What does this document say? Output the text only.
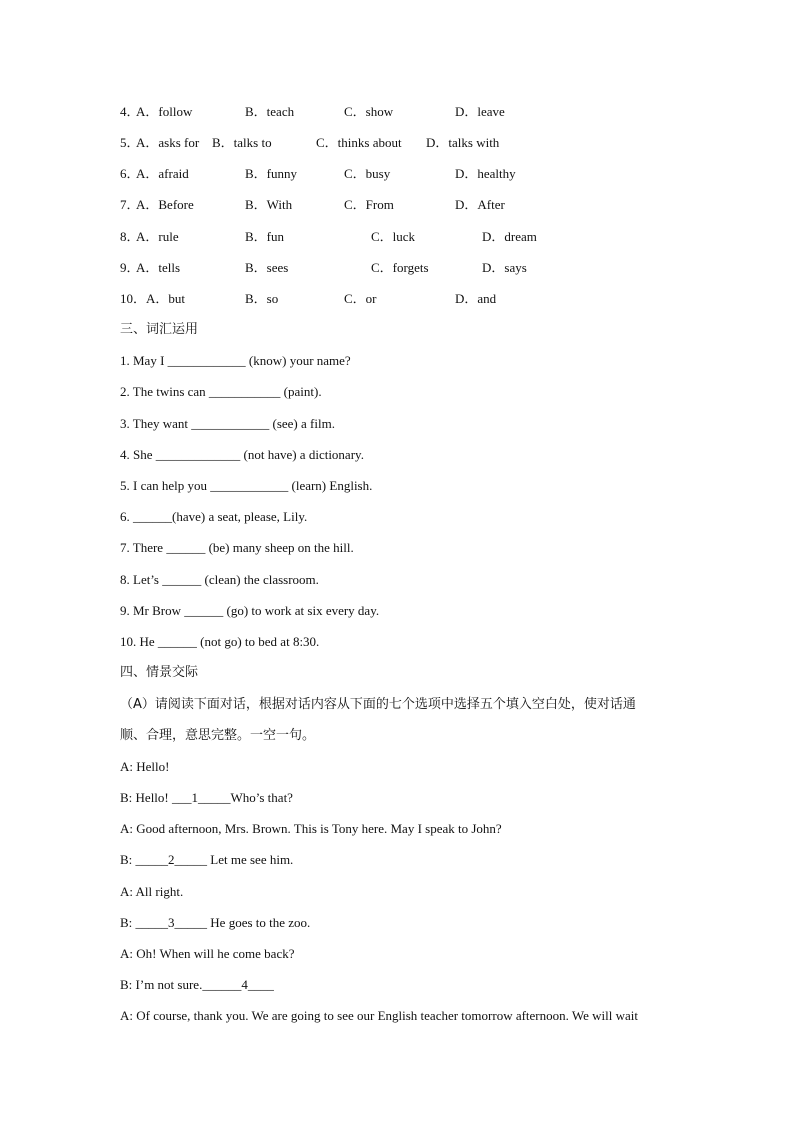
4．
A．follow	B．teach	C．show	D．leave
5．
A．asks for B．talks to	C．thinks about D．talks with
6．
A．afraid	B．funny	C．busy	D．healthy
7．
A．Before	B．With	C．From	D．After
8．
A．rule	B．fun	C．luck	D．dream
9．
A．tells	B．sees	C．forgets	D．says
10． A．but	B．so	C．or	D．and
三、词汇运用
1. May I ____________ (know) your name?
2. The twins can ___________ (paint).
3. They want ____________ (see) a film.
4. She _____________ (not have) a dictionary.
5. I can help you ____________ (learn) English.
6. ______(have) a seat, please, Lily.
7. There ______ (be) many sheep on the hill.
8. Let’s ______ (clean) the classroom.
9. Mr Brow ______ (go) to work at six every day.
10. He ______ (not go) to bed at 8:30.
四、情景交际
（A）请阅读下面对话，根据对话内容从下面的七个选项中选择五个填入空白处，使对话通
顺、合理，意思完整。一空一句。
A: Hello!
B: Hello! ___1_____Who’s that?
A: Good afternoon, Mrs. Brown. This is Tony here. May I speak to John?
B: _____2_____ Let me see him.
A: All right.
B: _____3_____ He goes to the zoo.
A: Oh! When will he come back?
B: I’m not sure.______4____
A: Of course, thank you. We are going to see our English teacher tomorrow afternoon. We will wait
